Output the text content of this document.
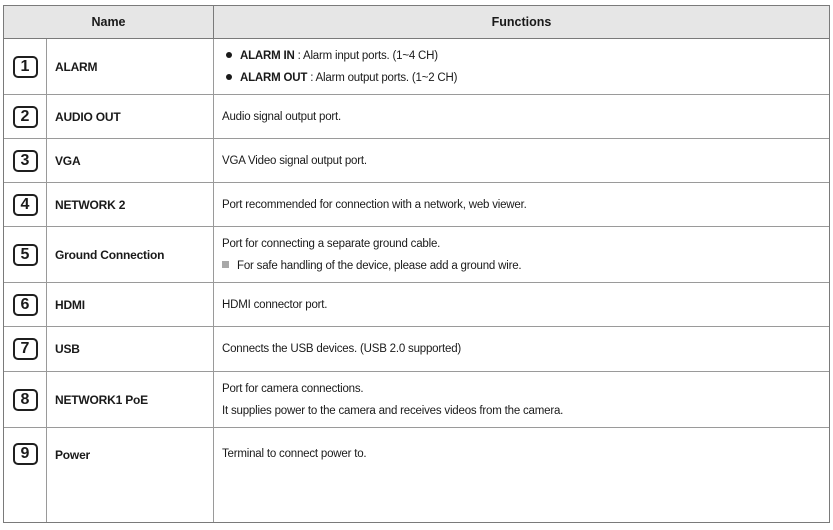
Name	Functions
1	ALARM
ALARM IN : Alarm input ports. (1~4 CH)
ALARM OUT : Alarm output ports. (1~2 CH)
2	AUDIO OUT	Audio signal output port.
3	VGA	VGA Video signal output port.
4	NETWORK 2	Port recommended for connection with a network, web viewer.
5	Ground Connection
Port for connecting a separate ground cable.
For safe handling of the device, please add a ground wire.
6	HDMI	HDMI connector port.
7	USB	Connects the USB devices. (USB 2.0 supported)
8	NETWORK1 PoE
Port for camera connections.
It supplies power to the camera and receives videos from the camera.
9	Power	Terminal to connect power to.
